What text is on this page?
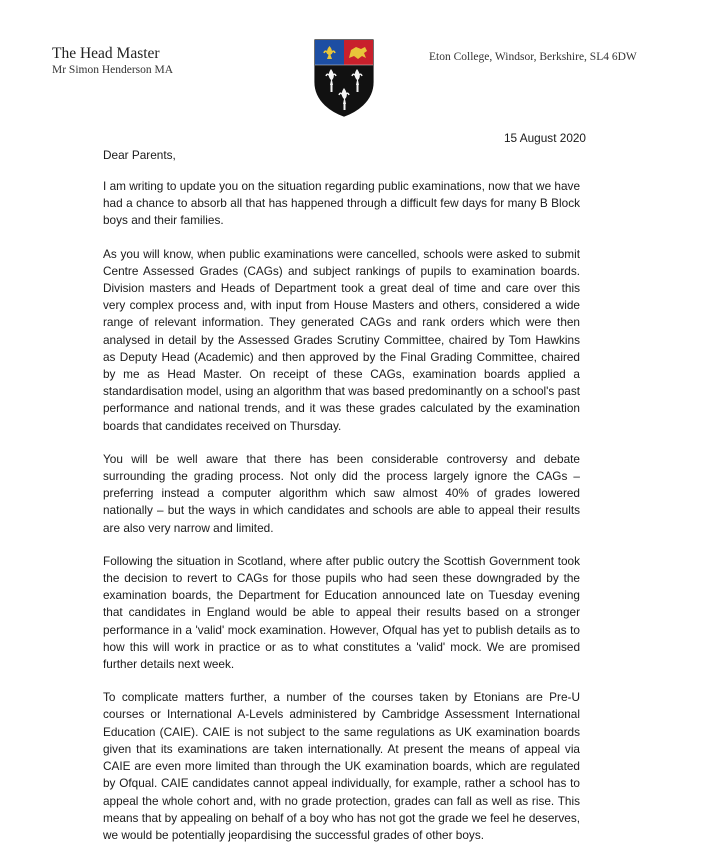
The Head Master
Mr Simon Henderson MA
Eton College, Windsor, Berkshire, SL4 6DW
15 August 2020
Dear Parents,

I am writing to update you on the situation regarding public examinations, now that we have had a chance to absorb all that has happened through a difficult few days for many B Block boys and their families.

As you will know, when public examinations were cancelled, schools were asked to submit Centre Assessed Grades (CAGs) and subject rankings of pupils to examination boards. Division masters and Heads of Department took a great deal of time and care over this very complex process and, with input from House Masters and others, considered a wide range of relevant information. They generated CAGs and rank orders which were then analysed in detail by the Assessed Grades Scrutiny Committee, chaired by Tom Hawkins as Deputy Head (Academic) and then approved by the Final Grading Committee, chaired by me as Head Master. On receipt of these CAGs, examination boards applied a standardisation model, using an algorithm that was based predominantly on a school's past performance and national trends, and it was these grades calculated by the examination boards that candidates received on Thursday.

You will be well aware that there has been considerable controversy and debate surrounding the grading process. Not only did the process largely ignore the CAGs – preferring instead a computer algorithm which saw almost 40% of grades lowered nationally – but the ways in which candidates and schools are able to appeal their results are also very narrow and limited.

Following the situation in Scotland, where after public outcry the Scottish Government took the decision to revert to CAGs for those pupils who had seen these downgraded by the examination boards, the Department for Education announced late on Tuesday evening that candidates in England would be able to appeal their results based on a stronger performance in a 'valid' mock examination. However, Ofqual has yet to publish details as to how this will work in practice or as to what constitutes a 'valid' mock. We are promised further details next week.

To complicate matters further, a number of the courses taken by Etonians are Pre-U courses or International A-Levels administered by Cambridge Assessment International Education (CAIE). CAIE is not subject to the same regulations as UK examination boards given that its examinations are taken internationally. At present the means of appeal via CAIE are even more limited than through the UK examination boards, which are regulated by Ofqual. CAIE candidates cannot appeal individually, for example, rather a school has to appeal the whole cohort and, with no grade protection, grades can fall as well as rise. This means that by appealing on behalf of a boy who has not got the grade we feel he deserves, we would be potentially jeopardising the successful grades of other boys.
